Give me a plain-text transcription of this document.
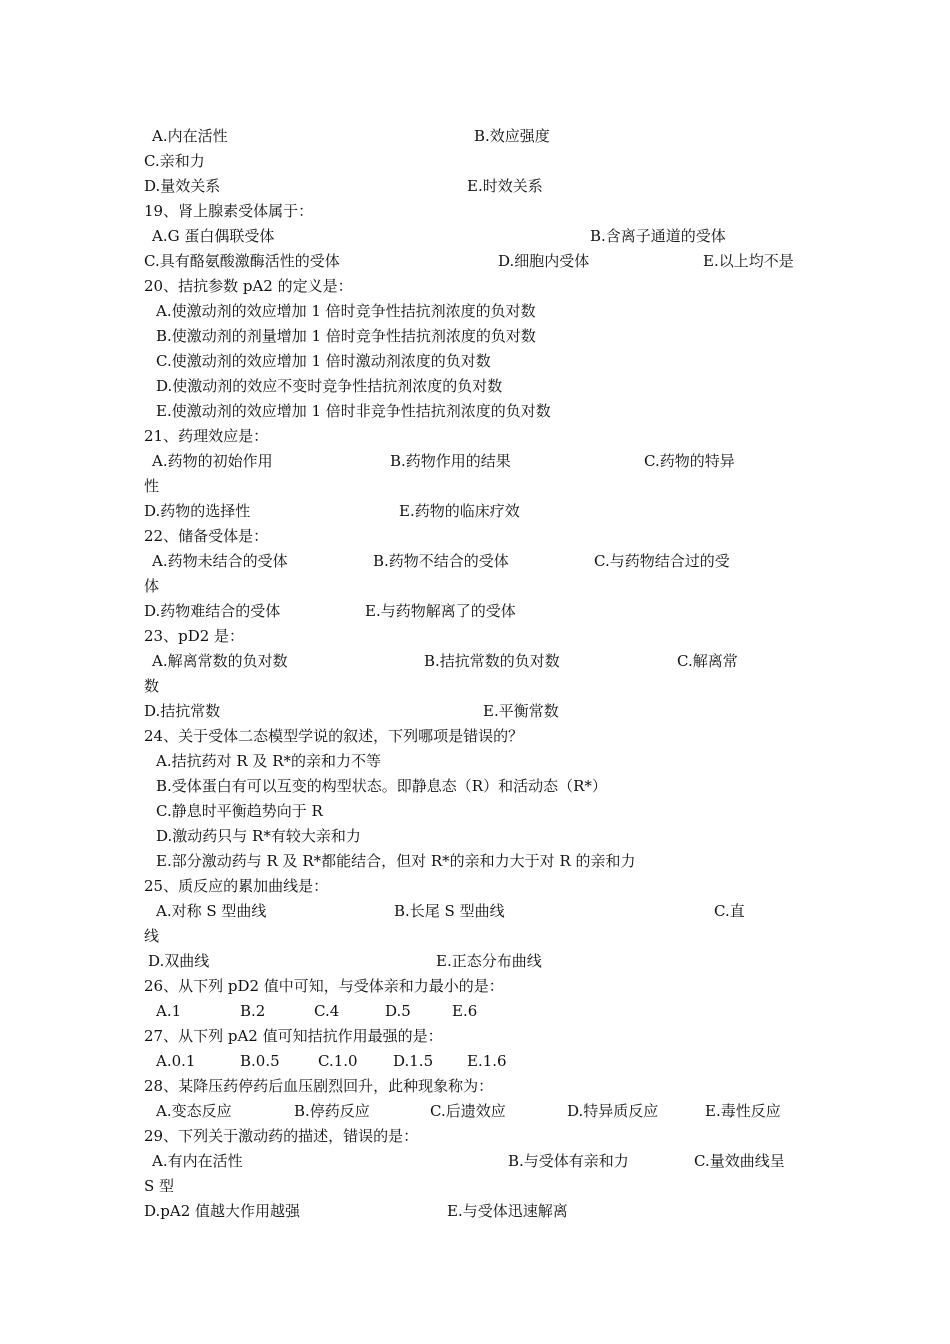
A.内在活性	B.效应强度
C.亲和力
D.量效关系	E.时效关系
19、肾上腺素受体属于：
A.G 蛋白偶联受体	B.含离子通道的受体
C.具有酪氨酸激酶活性的受体	D.细胞内受体	E.以上均不是
20、拮抗参数 pA2 的定义是：
A.使激动剂的效应增加 1 倍时竞争性拮抗剂浓度的负对数
B.使激动剂的剂量增加 1 倍时竞争性拮抗剂浓度的负对数
C.使激动剂的效应增加 1 倍时激动剂浓度的负对数
D.使激动剂的效应不变时竞争性拮抗剂浓度的负对数
E.使激动剂的效应增加 1 倍时非竞争性拮抗剂浓度的负对数
21、药理效应是：
A.药物的初始作用	B.药物作用的结果	C.药物的特异
性
D.药物的选择性	E.药物的临床疗效
22、储备受体是：
A.药物未结合的受体	B.药物不结合的受体	C.与药物结合过的受
体
D.药物难结合的受体	E.与药物解离了的受体
23、pD2 是：
A.解离常数的负对数	B.拮抗常数的负对数	C.解离常
数
D.拮抗常数	E.平衡常数
24、关于受体二态模型学说的叙述，下列哪项是错误的？
A.拮抗药对 R 及 R*的亲和力不等
B.受体蛋白有可以互变的构型状态。即静息态（R）和活动态（R*）
C.静息时平衡趋势向于 R
D.激动药只与 R*有较大亲和力
E.部分激动药与 R 及 R*都能结合，但对 R*的亲和力大于对 R 的亲和力
25、质反应的累加曲线是：
A.对称 S 型曲线	B.长尾 S 型曲线	C.直
线
D.双曲线	E.正态分布曲线
26、从下列 pD2 值中可知，与受体亲和力最小的是：
A.1	B.2	C.4	D.5	E.6
27、从下列 pA2 值可知拮抗作用最强的是：
A.0.1	B.0.5	C.1.0 D.1.5 E.1.6
28、某降压药停药后血压剧烈回升，此种现象称为：
A.变态反应	B.停药反应	C.后遗效应	D.特异质反应	E.毒性反应
29、下列关于激动药的描述，错误的是：
A.有内在活性	B.与受体有亲和力	C.量效曲线呈
S 型
D.pA2 值越大作用越强	E.与受体迅速解离
